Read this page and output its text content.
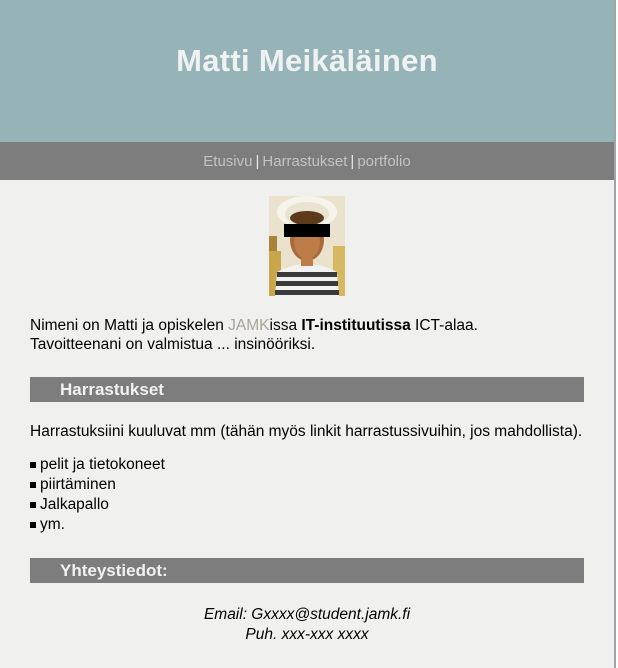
Matti Meikäläinen
Etusivu | Harrastukset | portfolio

Nimeni on Matti ja opiskelen JAMKissa IT-instituutissa ICT-alaa.
Tavoitteenani on valmistua ... insinööriksi.

Harrastukset

Harrastuksiini kuuluvat mm (tähän myös linkit harrastussivuihin, jos mahdollista).

pelit ja tietokoneet
piirtäminen
Jalkapallo
ym.
Yhteystiedot:
Email: Gxxxx@student.jamk.fi
Puh. xxx-xxx xxxx
